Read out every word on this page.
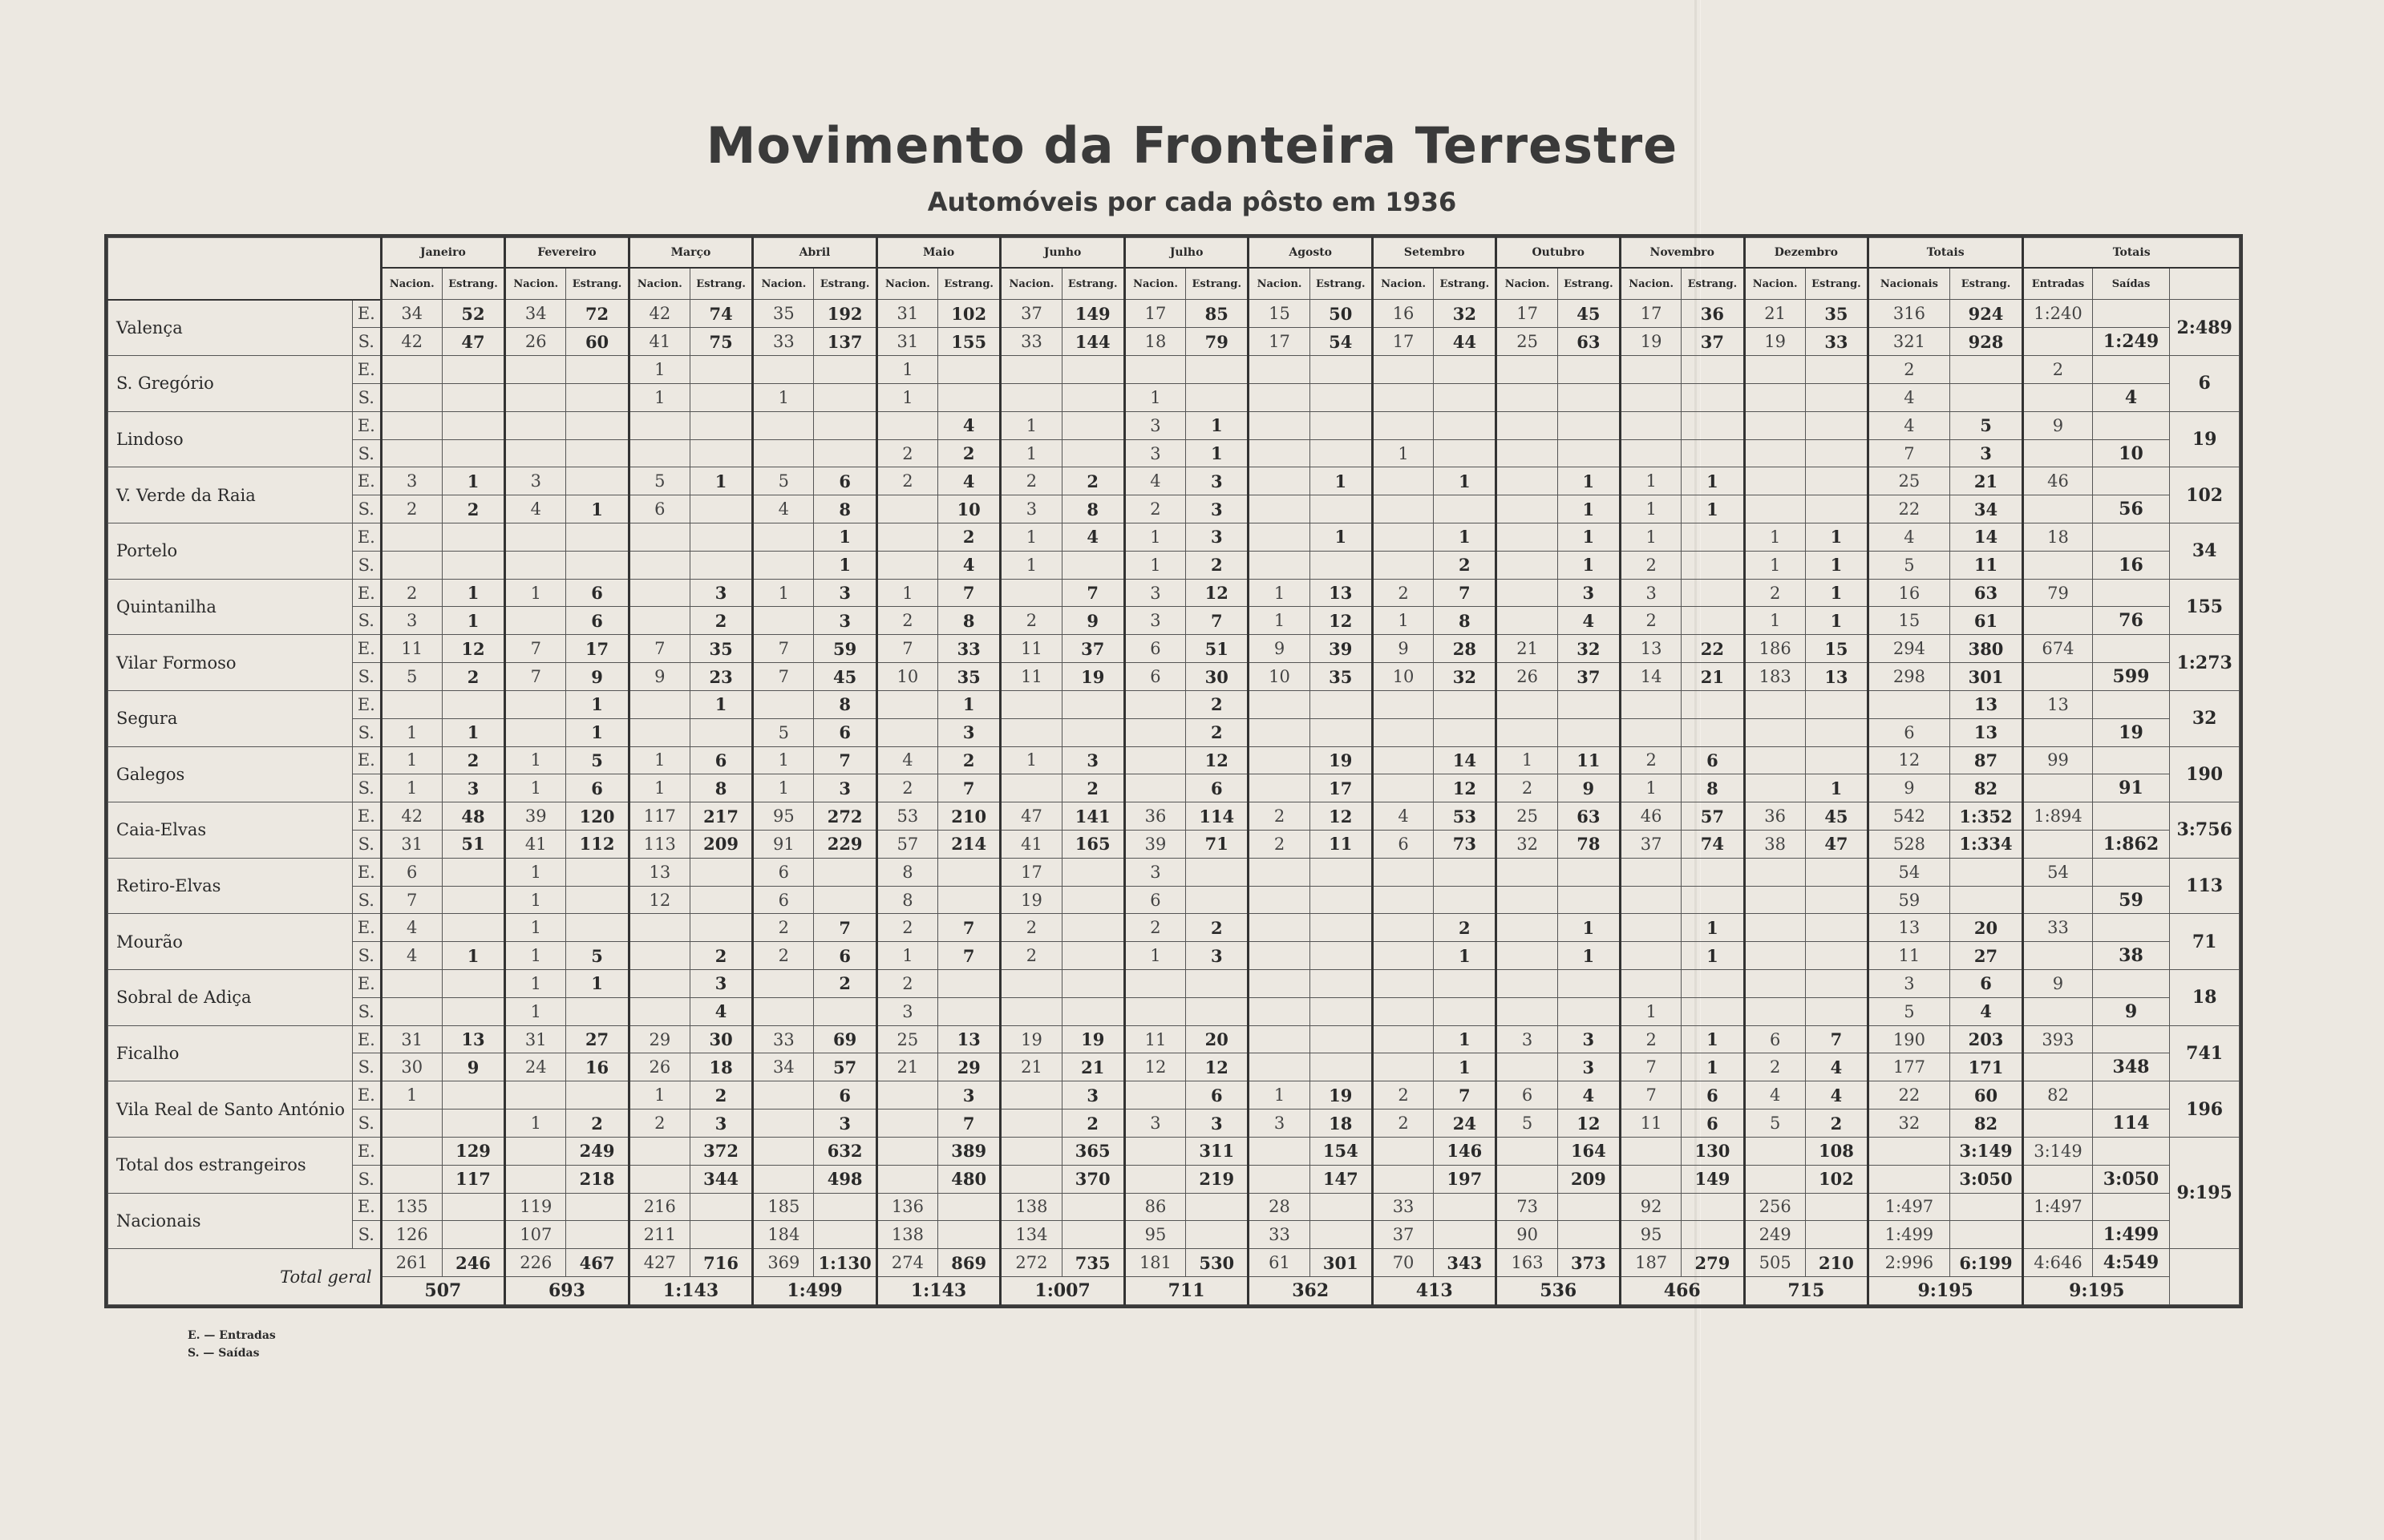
Movimento da Fronteira Terrestre
Automóveis por cada pôsto em 1936
		Janeiro		Fevereiro		Março		Abril		Maio		Junho		Julho		Agosto		Setembro		Outubro		Novembro		Dezembro		Totais		Totais		
		Nacion.	Estrang.	Nacion.	Estrang.	Nacion.	Estrang.	Nacion.	Estrang.	Nacion.	Estrang.	Nacion.	Estrang.	Nacion.	Estrang.	Nacion.	Estrang.	Nacion.	Estrang.	Nacion.	Estrang.	Nacion.	Estrang.	Nacion.	Estrang.	Nacionais	Estrang.	Entradas	Saídas	
Valença	E.	34	52	34	72	42	74	35	192	31	102	37	149	17	85	15	50	16	32	17	45	17	36	21	35	316	924	1:240		2:489
	S.	42	47	26	60	41	75	33	137	31	155	33	144	18	79	17	54	17	44	25	63	19	37	19	33	321	928		1:249	
S. Gregório	E.					1				1																2		2		6
	S.					1		1		1				1												4			4	
Lindoso	E.										4	1		3	1											4	5	9		19
	S.									2	2	1		3	1			1								7	3		10	
V. Verde da Raia	E.	3	1	3		5	1	5	6	2	4	2	2	4	3		1		1		1	1	1			25	21	46		102
	S.	2	2	4	1	6		4	8		10	3	8	2	3						1	1	1			22	34		56	
Portelo	E.								1		2	1	4	1	3		1		1		1	1		1	1	4	14	18		34
	S.								1		4	1		1	2				2		1	2		1	1	5	11		16	
Quintanilha	E.	2	1	1	6		3	1	3	1	7		7	3	12	1	13	2	7		3	3		2	1	16	63	79		155
	S.	3	1		6		2		3	2	8	2	9	3	7	1	12	1	8		4	2		1	1	15	61		76	
Vilar Formoso	E.	11	12	7	17	7	35	7	59	7	33	11	37	6	51	9	39	9	28	21	32	13	22	186	15	294	380	674		1:273
	S.	5	2	7	9	9	23	7	45	10	35	11	19	6	30	10	35	10	32	26	37	14	21	183	13	298	301		599	
Segura	E.				1		1		8		1				2												13	13		32
	S.	1	1		1			5	6		3				2											6	13		19	
Galegos	E.	1	2	1	5	1	6	1	7	4	2	1	3		12		19		14	1	11	2	6			12	87	99		190
	S.	1	3	1	6	1	8	1	3	2	7		2		6		17		12	2	9	1	8		1	9	82		91	
Caia-Elvas	E.	42	48	39	120	117	217	95	272	53	210	47	141	36	114	2	12	4	53	25	63	46	57	36	45	542	1:352	1:894		3:756
	S.	31	51	41	112	113	209	91	229	57	214	41	165	39	71	2	11	6	73	32	78	37	74	38	47	528	1:334		1:862	
Retiro-Elvas	E.	6		1		13		6		8		17		3												54		54		113
	S.	7		1		12		6		8		19		6												59			59	
Mourão	E.	4		1				2	7	2	7	2		2	2				2		1		1			13	20	33		71
	S.	4	1	1	5		2	2	6	1	7	2		1	3				1		1		1			11	27		38	
Sobral de Adiça	E.			1	1		3		2	2																3	6	9		18
	S.			1			4			3												1				5	4		9	
Ficalho	E.	31	13	31	27	29	30	33	69	25	13	19	19	11	20				1	3	3	2	1	6	7	190	203	393		741
	S.	30	9	24	16	26	18	34	57	21	29	21	21	12	12				1		3	7	1	2	4	177	171		348	
Vila Real de Santo António	E.	1				1	2		6		3		3		6	1	19	2	7	6	4	7	6	4	4	22	60	82		196
	S.			1	2	2	3		3		7		2	3	3	3	18	2	24	5	12	11	6	5	2	32	82		114	
Total dos estrangeiros	E.		129		249		372		632		389		365		311		154		146		164		130		108		3:149	3:149		9:195
	S.		117		218		344		498		480		370		219		147		197		209		149		102		3:050		3:050	
Nacionais	E.	135		119		216		185		136		138		86		28		33		73		92		256		1:497		1:497		
	S.	126		107		211		184		138		134		95		33		37		90		95		249		1:499			1:499	

Total geral		261	246	226	467	427	716	369	1:130	274	869	272	735	181	530	61	301	70	343	163	373	187	279	505	210	2:996	6:199	4:646	4:549	
		507		693		1:143		1:499		1:143		1:007		711		362		413		536		466		715		9:195		9:195		
E. — Entradas
S. — Saídas
